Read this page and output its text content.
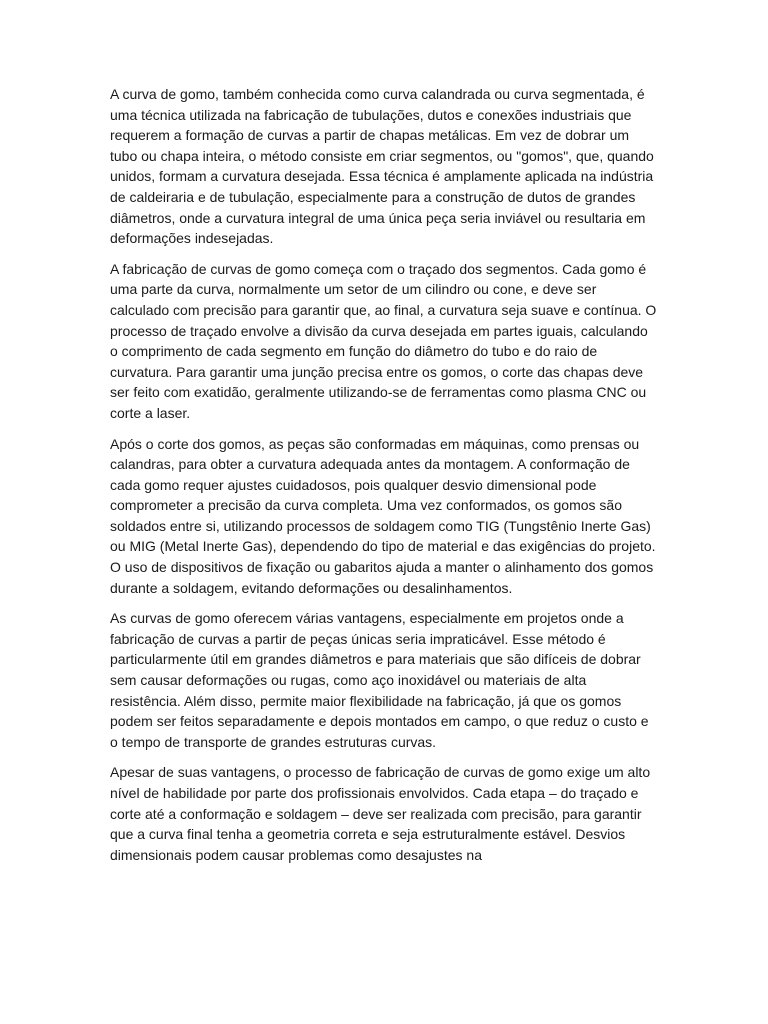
A curva de gomo, também conhecida como curva calandrada ou curva segmentada, é uma técnica utilizada na fabricação de tubulações, dutos e conexões industriais que requerem a formação de curvas a partir de chapas metálicas. Em vez de dobrar um tubo ou chapa inteira, o método consiste em criar segmentos, ou "gomos", que, quando unidos, formam a curvatura desejada. Essa técnica é amplamente aplicada na indústria de caldeiraria e de tubulação, especialmente para a construção de dutos de grandes diâmetros, onde a curvatura integral de uma única peça seria inviável ou resultaria em deformações indesejadas.

A fabricação de curvas de gomo começa com o traçado dos segmentos. Cada gomo é uma parte da curva, normalmente um setor de um cilindro ou cone, e deve ser calculado com precisão para garantir que, ao final, a curvatura seja suave e contínua. O processo de traçado envolve a divisão da curva desejada em partes iguais, calculando o comprimento de cada segmento em função do diâmetro do tubo e do raio de curvatura. Para garantir uma junção precisa entre os gomos, o corte das chapas deve ser feito com exatidão, geralmente utilizando-se de ferramentas como plasma CNC ou corte a laser.

Após o corte dos gomos, as peças são conformadas em máquinas, como prensas ou calandras, para obter a curvatura adequada antes da montagem. A conformação de cada gomo requer ajustes cuidadosos, pois qualquer desvio dimensional pode comprometer a precisão da curva completa. Uma vez conformados, os gomos são soldados entre si, utilizando processos de soldagem como TIG (Tungstênio Inerte Gas) ou MIG (Metal Inerte Gas), dependendo do tipo de material e das exigências do projeto. O uso de dispositivos de fixação ou gabaritos ajuda a manter o alinhamento dos gomos durante a soldagem, evitando deformações ou desalinhamentos.

As curvas de gomo oferecem várias vantagens, especialmente em projetos onde a fabricação de curvas a partir de peças únicas seria impraticável. Esse método é particularmente útil em grandes diâmetros e para materiais que são difíceis de dobrar sem causar deformações ou rugas, como aço inoxidável ou materiais de alta resistência. Além disso, permite maior flexibilidade na fabricação, já que os gomos podem ser feitos separadamente e depois montados em campo, o que reduz o custo e o tempo de transporte de grandes estruturas curvas.

Apesar de suas vantagens, o processo de fabricação de curvas de gomo exige um alto nível de habilidade por parte dos profissionais envolvidos. Cada etapa – do traçado e corte até a conformação e soldagem – deve ser realizada com precisão, para garantir que a curva final tenha a geometria correta e seja estruturalmente estável. Desvios dimensionais podem causar problemas como desajustes na
